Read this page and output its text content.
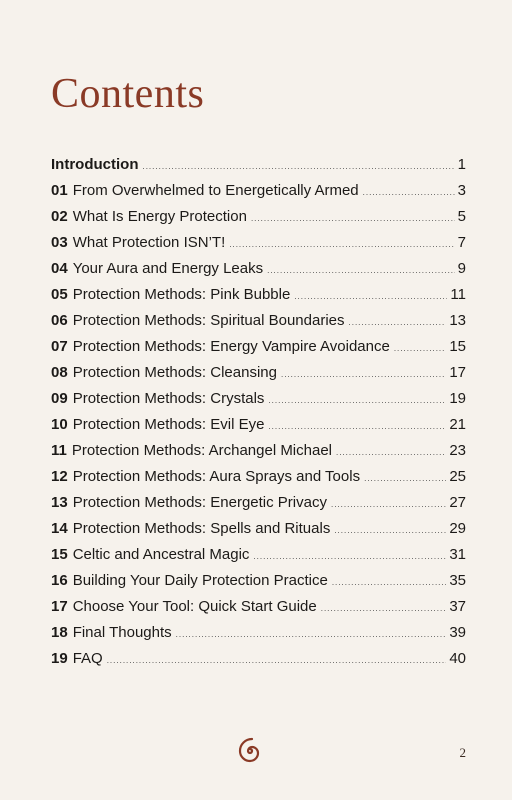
Contents
Introduction .....	1
01 From Overwhelmed to Energetically Armed .....	3
02 What Is Energy Protection .....	5
03 What Protection ISN’T! .....	7
04 Your Aura and Energy Leaks .....	9
05 Protection Methods: Pink Bubble .....	11
06 Protection Methods: Spiritual Boundaries .....	13
07 Protection Methods: Energy Vampire Avoidance .....	15
08 Protection Methods: Cleansing .....	17
09 Protection Methods: Crystals .....	19
10 Protection Methods: Evil Eye .....	21
11 Protection Methods: Archangel Michael .....	23
12 Protection Methods: Aura Sprays and Tools .....	25
13 Protection Methods: Energetic Privacy .....	27
14 Protection Methods: Spells and Rituals .....	29
15 Celtic and Ancestral Magic .....	31
16 Building Your Daily Protection Practice .....	35
17 Choose Your Tool: Quick Start Guide .....	37
18 Final Thoughts .....	39
19 FAQ .....	40
2
